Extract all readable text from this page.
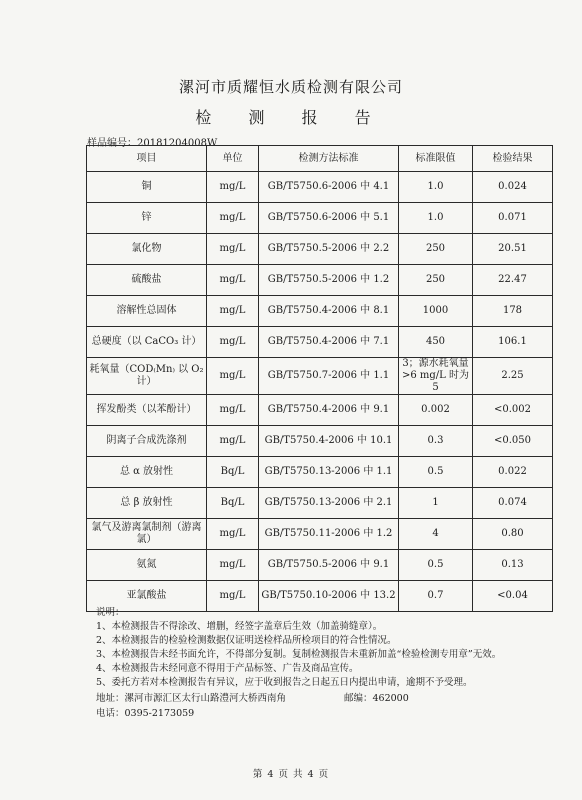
漯河市质耀恒水质检测有限公司
检 测 报 告
样品编号：20181204008W
项目	单位	检测方法标准	标准限值	检验结果
铜	mg/L	GB/T5750.6-2006 中 4.1	1.0	0.024
锌	mg/L	GB/T5750.6-2006 中 5.1	1.0	0.071
氯化物	mg/L	GB/T5750.5-2006 中 2.2	250	20.51
硫酸盐	mg/L	GB/T5750.5-2006 中 1.2	250	22.47
溶解性总固体	mg/L	GB/T5750.4-2006 中 8.1	1000	178
总硬度（以 CaCO₃ 计）	mg/L	GB/T5750.4-2006 中 7.1	450	106.1
耗氧量（COD₍Mn₎ 以 O₂ 计）	mg/L	GB/T5750.7-2006 中 1.1	3；源水耗氧量 >6 mg/L 时为 5	2.25
挥发酚类（以苯酚计）	mg/L	GB/T5750.4-2006 中 9.1	0.002	<0.002
阴离子合成洗涤剂	mg/L	GB/T5750.4-2006 中 10.1	0.3	<0.050
总 α 放射性	Bq/L	GB/T5750.13-2006 中 1.1	0.5	0.022
总 β 放射性	Bq/L	GB/T5750.13-2006 中 2.1	1	0.074
氯气及游离氯制剂（游离氯）	mg/L	GB/T5750.11-2006 中 1.2	4	0.80
氨氮	mg/L	GB/T5750.5-2006 中 9.1	0.5	0.13
亚氯酸盐	mg/L	GB/T5750.10-2006 中 13.2	0.7	<0.04
说明：
1、本检测报告不得涂改、增删，经签字盖章后生效（加盖骑缝章）。
2、本检测报告的检验检测数据仅证明送检样品所检项目的符合性情况。
3、本检测报告未经书面允许，不得部分复制。复制检测报告未重新加盖“检验检测专用章”无效。
4、本检测报告未经同意不得用于产品标签、广告及商品宣传。
5、委托方若对本检测报告有异议，应于收到报告之日起五日内提出申请，逾期不予受理。
地址：漯河市源汇区太行山路澧河大桥西南角	邮编：462000
电话：0395-2173059
第 4 页 共 4 页
